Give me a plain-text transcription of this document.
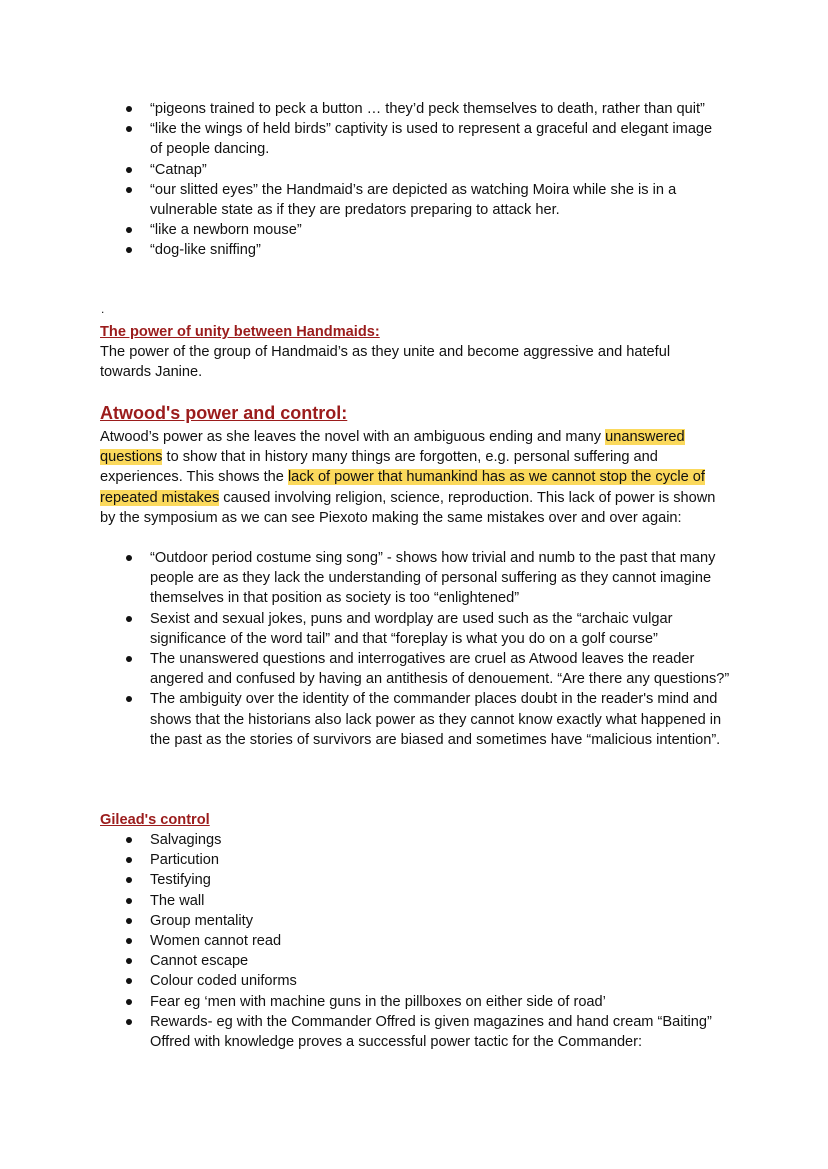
“pigeons trained to peck a button … they’d peck themselves to death, rather than quit”
“like the wings of held birds” captivity is used to represent a graceful and elegant image of people dancing.
“Catnap”
“our slitted eyes” the Handmaid’s are depicted as watching Moira while she is in a vulnerable state as if they are predators preparing to attack her.
“like a newborn mouse”
“dog-like sniffing”
.
The power of unity between Handmaids:

The power of the group of Handmaid’s as they unite and become aggressive and hateful towards Janine.

Atwood's power and control:

Atwood’s power as she leaves the novel with an ambiguous ending and many unanswered questions to show that in history many things are forgotten, e.g. personal suffering and experiences. This shows the lack of power that humankind has as we cannot stop the cycle of repeated mistakes caused involving religion, science, reproduction. This lack of power is shown by the symposium as we can see Piexoto making the same mistakes over and over again:

“Outdoor period costume sing song” - shows how trivial and numb to the past that many people are as they lack the understanding of personal suffering as they cannot imagine themselves in that position as society is too “enlightened”
Sexist and sexual jokes, puns and wordplay are used such as the “archaic vulgar significance of the word tail” and that “foreplay is what you do on a golf course”
The unanswered questions and interrogatives are cruel as Atwood leaves the reader angered and confused by having an antithesis of denouement. “Are there any questions?”
The ambiguity over the identity of the commander places doubt in the reader's mind and shows that the historians also lack power as they cannot know exactly what happened in the past as the stories of survivors are biased and sometimes have “malicious intention”.
Gilead's control
Salvagings
Particution
Testifying
The wall
Group mentality
Women cannot read
Cannot escape
Colour coded uniforms
Fear eg ‘men with machine guns in the pillboxes on either side of road’
Rewards- eg with the Commander Offred is given magazines and hand cream “Baiting” Offred with knowledge proves a successful power tactic for the Commander:
